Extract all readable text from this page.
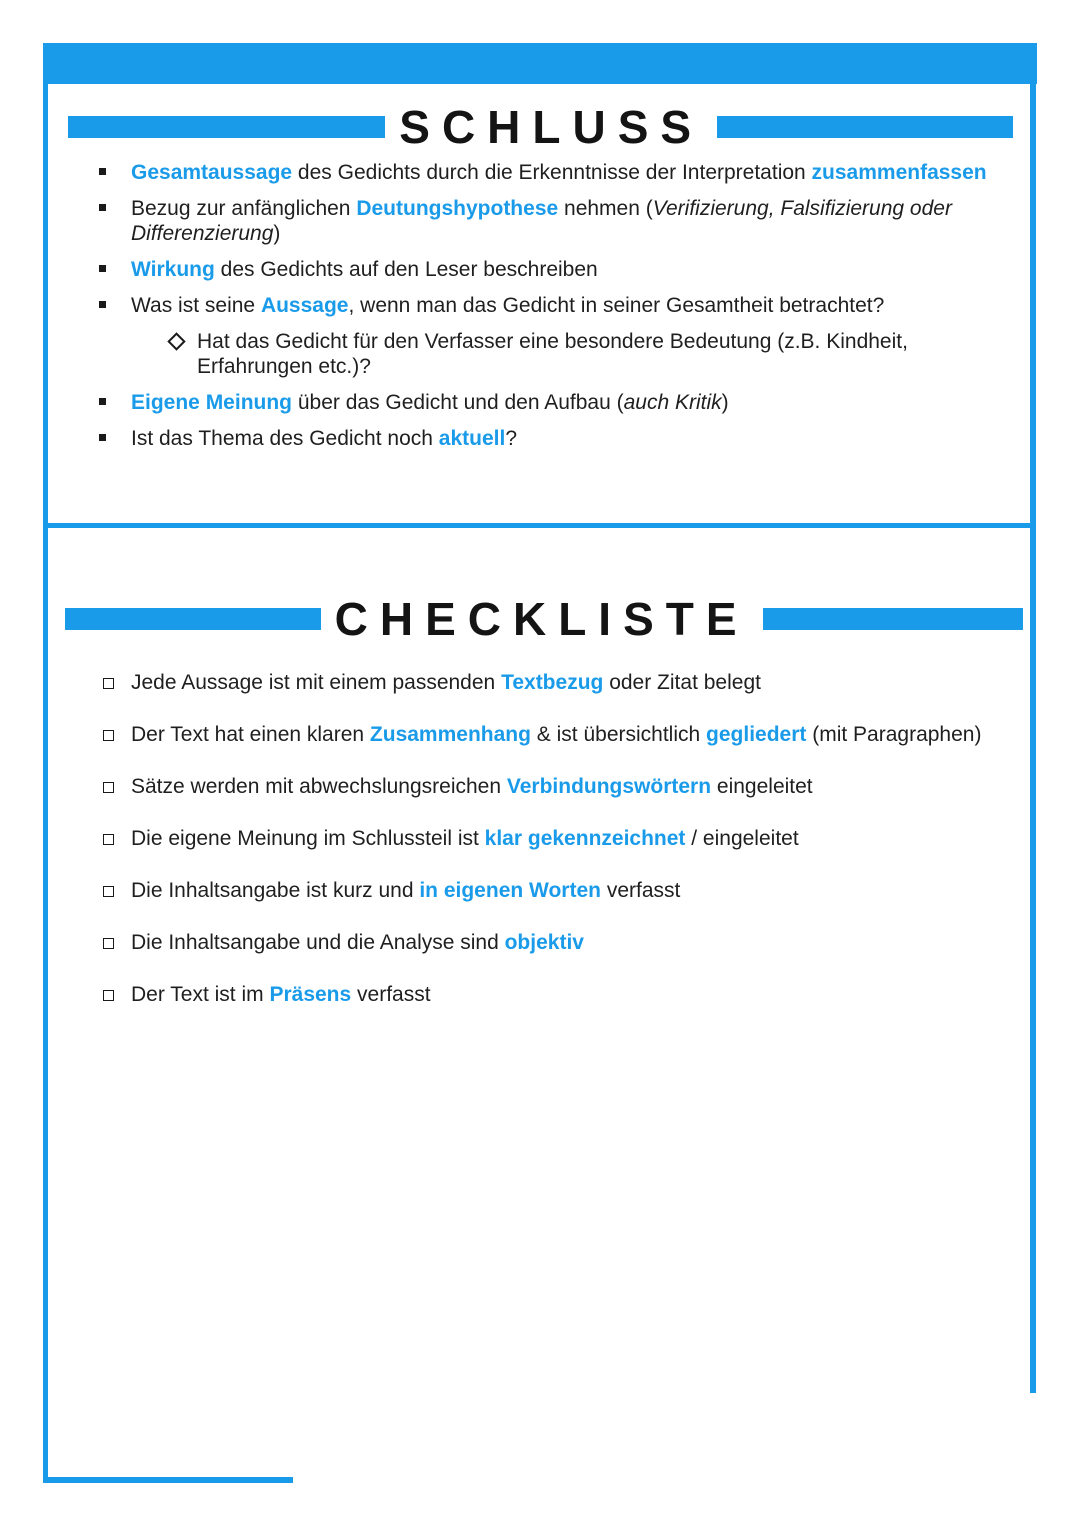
SCHLUSS
Gesamtaussage des Gedichts durch die Erkenntnisse der Interpretation zusammenfassen
Bezug zur anfänglichen Deutungshypothese nehmen (Verifizierung, Falsifizierung oder Differenzierung)
Wirkung des Gedichts auf den Leser beschreiben
Was ist seine Aussage, wenn man das Gedicht in seiner Gesamtheit betrachtet?
Hat das Gedicht für den Verfasser eine besondere Bedeutung (z.B. Kindheit, Erfahrungen etc.)?
Eigene Meinung über das Gedicht und den Aufbau (auch Kritik)
Ist das Thema des Gedicht noch aktuell?
CHECKLISTE
Jede Aussage ist mit einem passenden Textbezug oder Zitat belegt
Der Text hat einen klaren Zusammenhang & ist übersichtlich gegliedert (mit Paragraphen)
Sätze werden mit abwechslungsreichen Verbindungswörtern eingeleitet
Die eigene Meinung im Schlussteil ist klar gekennzeichnet / eingeleitet
Die Inhaltsangabe ist kurz und in eigenen Worten verfasst
Die Inhaltsangabe und die Analyse sind objektiv
Der Text ist im Präsens verfasst
